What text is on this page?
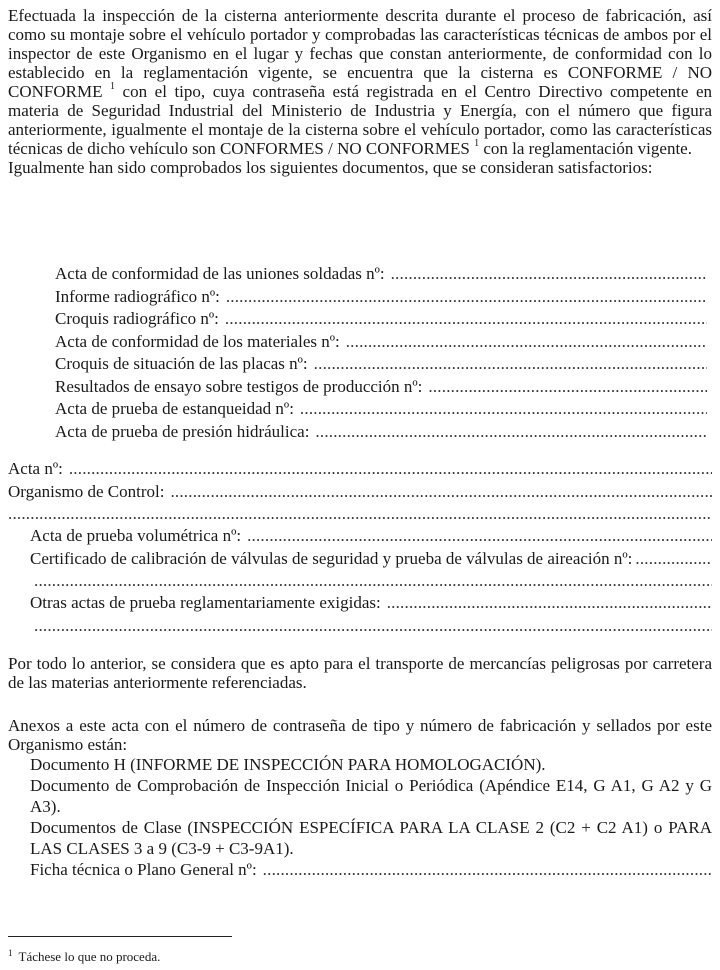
Efectuada la inspección de la cisterna anteriormente descrita durante el proceso de fabricación, así como su montaje sobre el vehículo portador y comprobadas las características técnicas de ambos por el inspector de este Organismo en el lugar y fechas que constan anteriormente, de conformidad con lo establecido en la reglamentación vigente, se encuentra que la cisterna es CONFORME / NO CONFORME $^1$ con el tipo, cuya contraseña está registrada en el Centro Directivo competente en materia de Seguridad Industrial del Ministerio de Industria y Energía, con el número que figura anteriormente, igualmente el montaje de la cisterna sobre el vehículo portador, como las características técnicas de dicho vehículo son CONFORMES / NO CONFORMES $^1$ con la reglamentación vigente.

Igualmente han sido comprobados los siguientes documentos, que se consideran satisfactorios:

Acta de conformidad de las uniones soldadas nº:
.....
Informe radiográfico nº:
.....
Croquis radiográfico nº:
.....
Acta de conformidad de los materiales nº:
.....
Croquis de situación de las placas nº:
.....
Resultados de ensayo sobre testigos de producción nº:
.....
Acta de prueba de estanqueidad nº:
.....
Acta de prueba de presión hidráulica:
.....
Acta nº:
.....
Organismo de Control:
.....
.....
Acta de prueba volumétrica nº:
.....
Certificado de calibración de válvulas de seguridad y prueba de válvulas de aireación nº:
.....
.....
Otras actas de prueba reglamentariamente exigidas:
.....
.....

Por todo lo anterior, se considera que es apto para el transporte de mercancías peligrosas por carretera de las materias anteriormente referenciadas.

Anexos a este acta con el número de contraseña de tipo y número de fabricación y sellados por este Organismo están:

Documento H (INFORME DE INSPECCIÓN PARA HOMOLOGACIÓN).
Documento de Comprobación de Inspección Inicial o Periódica (Apéndice E14, G A1, G A2 y G A3).
Documentos de Clase (INSPECCIÓN ESPECÍFICA PARA LA CLASE 2 (C2 + C2 A1) o PARA LAS CLASES 3 a 9 (C3-9 + C3-9A1).
Ficha técnica o Plano General nº:
.....
$^1$ Táchese lo que no proceda.
